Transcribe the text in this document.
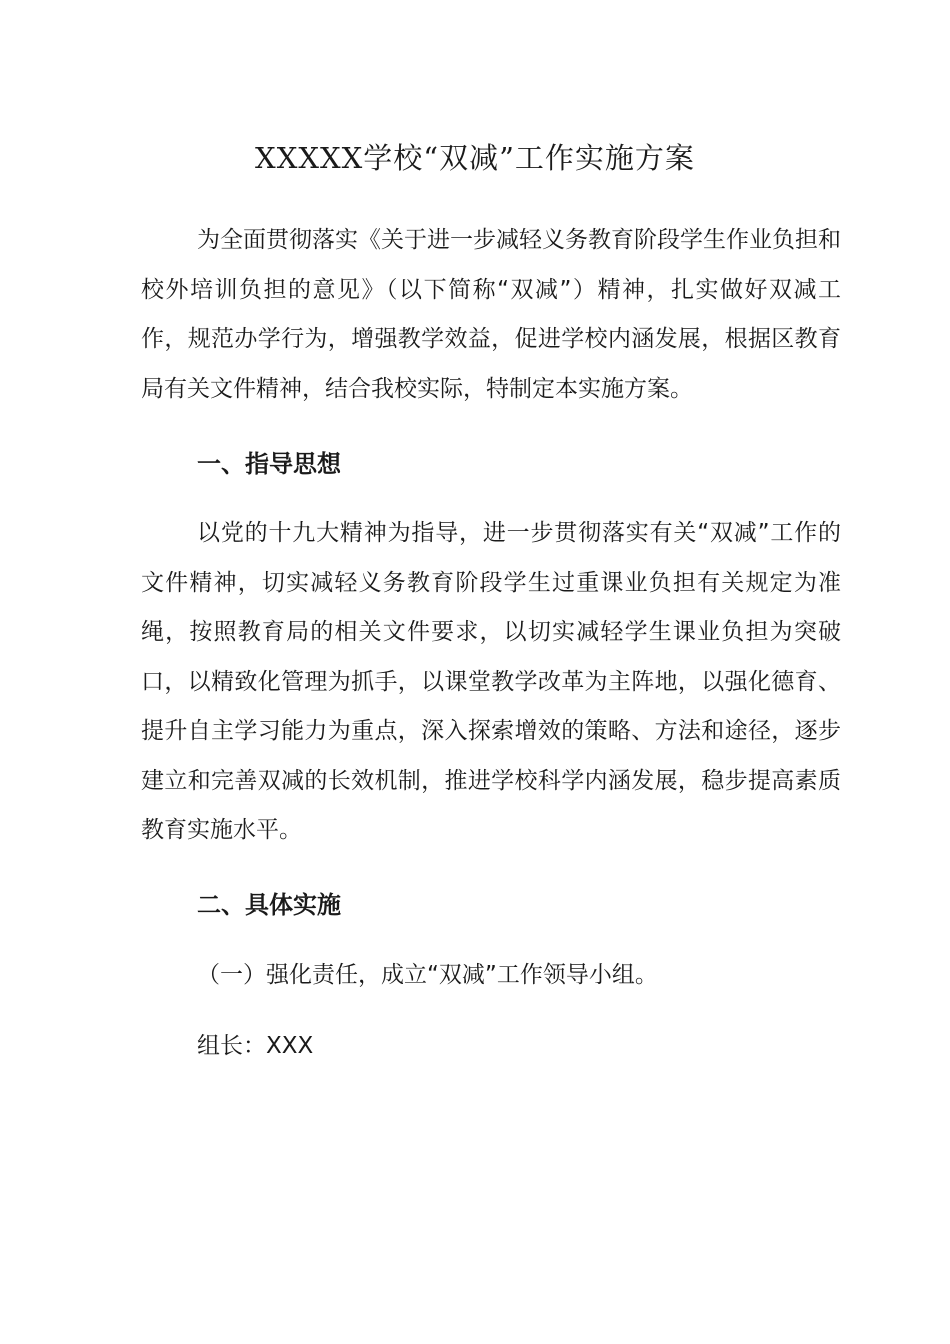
XXXXX学校“双减”工作实施方案

为全面贯彻落实《关于进一步减轻义务教育阶段学生作业负担和校外培训负担的意见》（以下简称“双减”）精神，扎实做好双减工作，规范办学行为，增强教学效益，促进学校内涵发展，根据区教育局有关文件精神，结合我校实际，特制定本实施方案。

一、指导思想

以党的十九大精神为指导，进一步贯彻落实有关“双减”工作的文件精神，切实减轻义务教育阶段学生过重课业负担有关规定为准绳，按照教育局的相关文件要求，以切实减轻学生课业负担为突破口，以精致化管理为抓手，以课堂教学改革为主阵地，以强化德育、提升自主学习能力为重点，深入探索增效的策略、方法和途径，逐步建立和完善双减的长效机制，推进学校科学内涵发展，稳步提高素质教育实施水平。

二、具体实施

（一）强化责任，成立“双减”工作领导小组。

组长：XXX
